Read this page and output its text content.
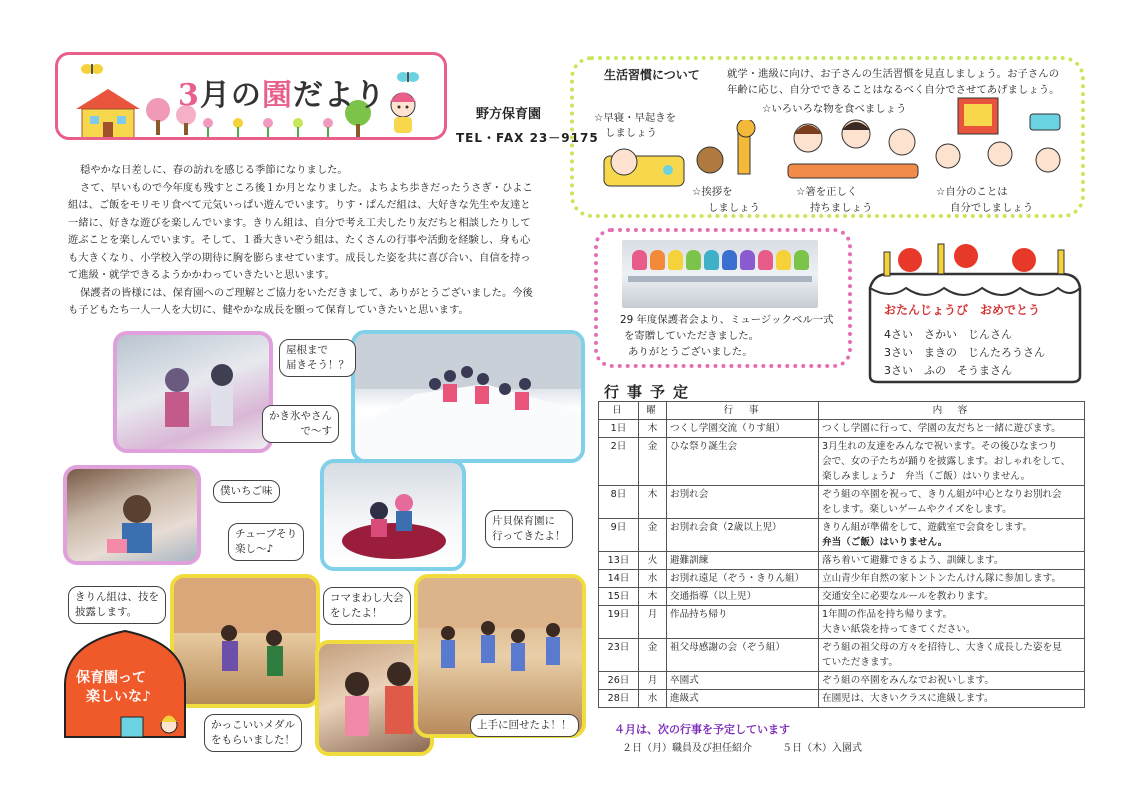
3月の園だより
野方保育園
TEL・FAX 23－9175
穏やかな日差しに、春の訪れを感じる季節になりました。
さて、早いもので今年度も残すところ後１か月となりました。よちよち歩きだったうさぎ・ひよこ
組は、ご飯をモリモリ食べて元気いっぱい遊んでいます。りす・ぱんだ組は、大好きな先生や友達と
一緒に、好きな遊びを楽しんでいます。きりん組は、自分で考え工夫したり友だちと相談したりして
遊ぶことを楽しんでいます。そして、１番大きいぞう組は、たくさんの行事や活動を経験し、身も心
も大きくなり、小学校入学の期待に胸を膨らませています。成長した姿を共に喜び合い、自信を持っ
て進級・就学できるようかかわっていきたいと思います。
保護者の皆様には、保育園へのご理解とご協力をいただきまして、ありがとうございました。今後
も子どもたち一人一人を大切に、健やかな成長を願って保育していきたいと思います。
屋根まで
届きそう！？
かき氷やさん
で～す
僕いちご味
チューブそり
楽し～♪
片貝保育園に
行ってきたよ！
きりん組は、技を
披露します。
コマまわし大会
をしたよ！
かっこいいメダル
をもらいました！
上手に回せたよ！！
保育園って
楽しいな♪
生活習慣について	就学・進級に向け、お子さんの生活習慣を見直しましょう。お子さんの
年齢に応じ、自分でできることはなるべく自分でさせてあげましょう。
☆早寝・早起きを
しましょう
☆いろいろな物を食べましょう
☆挨拶を
しましょう
☆箸を正しく
持ちましょう
☆自分のことは
自分でしましょう
29 年度保護者会より、ミュージックベル一式
を寄贈していただきました。
ありがとうございました。
おたんじょうび　おめでとう
4さい　さかい　じんさん
3さい　まきの　じんたろうさん
3さい　ふの　そうまさん
行事予定
日	曜	行　事	内　容
1日	木	つくし学園交流（りす組）	つくし学園に行って、学園の友だちと一緒に遊びます。

2日	金	ひな祭り誕生会	3月生れの友達をみんなで祝います。その後ひなまつり
会で、女の子たちが踊りを披露します。おしゃれをして、
楽しみましょう♪　弁当（ご飯）はいりません。

8日	木	お別れ会	ぞう組の卒園を祝って、きりん組が中心となりお別れ会
をします。楽しいゲームやクイズをします。

9日	金	お別れ会食（2歳以上児）	きりん組が準備をして、遊戯室で会食をします。
弁当（ご飯）はいりません。

13日	火	避難訓練	落ち着いて避難できるよう、訓練します。

14日	水	お別れ遠足（ぞう・きりん組）	立山青少年自然の家トントンたんけん隊に参加します。

15日	木	交通指導（以上児）	交通安全に必要なルールを教わります。

19日	月	作品持ち帰り	1年間の作品を持ち帰ります。
大きい紙袋を持ってきてください。

23日	金	祖父母感謝の会（ぞう組）	ぞう組の祖父母の方々を招待し、大きく成長した姿を見
ていただきます。

26日	月	卒園式	ぞう組の卒園をみんなでお祝いします。

28日	水	進級式	在園児は、大きいクラスに進級します。
４月は、次の行事を予定しています
２日（月）職員及び担任紹介　　　５日（木）入園式
